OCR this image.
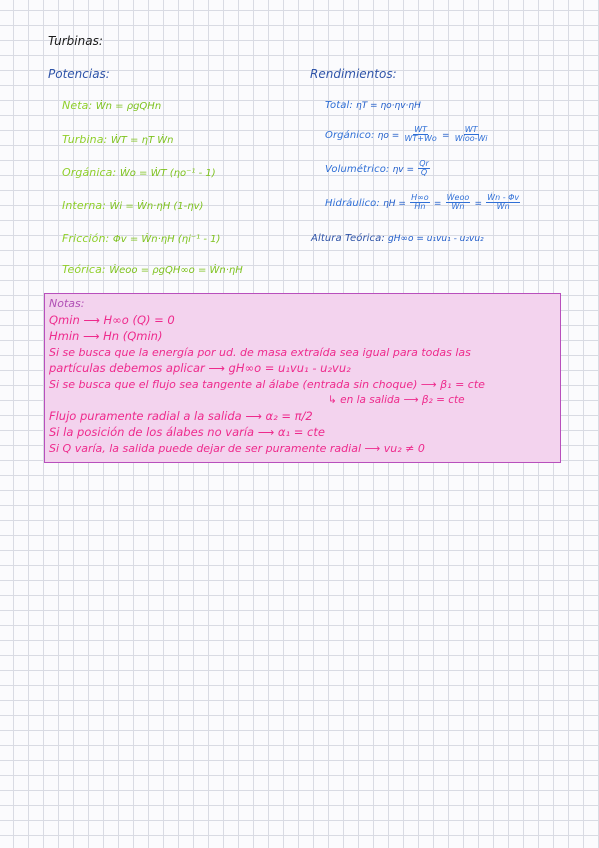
Turbinas:
Potencias:
Neta: Ẇn = ρgQHn
Turbina: ẆT = ηT Ẇn
Orgánica: Ẇo = ẆT (ηo⁻¹ - 1)
Interna: Ẇi = Ẇn·ηH (1-ηv)
Fricción: Φv = Ẇn·ηH (ηi⁻¹ - 1)
Teórica: Ẇeoo = ρgQH∞o = Ẇn·ηH
Rendimientos:
Total: ηT = ηo·ηv·ηH
Orgánico: $\eta o = \frac{WT}{WT+Wo} = \frac{WT}{\text{Wioo-Wi}}$
Volumétrico: $\eta v = \frac{Qr}{Q}$
Hidráulico: $\eta H = \frac{H\infty o}{Hn} = \frac{\text{Ẇeoo}}{Wn} = \frac{\text{Ẇn - Φv}}{Wn}$
Altura Teórica: gH∞o = u₁vu₁ - u₂vu₂
Notas:
Qmin ⟶ H∞o (Q) = 0
Hmin ⟶ Hn (Qmin)
Si se busca que la energía por ud. de masa extraída sea igual para todas las
partículas debemos aplicar ⟶ gH∞o = u₁vu₁ - u₂vu₂
Si se busca que el flujo sea tangente al álabe (entrada sin choque) ⟶ β₁ = cte
↳ en la salida ⟶ β₂ = cte
Flujo puramente radial a la salida ⟶ α₂ = π/2
Si la posición de los álabes no varía ⟶ α₁ = cte
Si Q varía, la salida puede dejar de ser puramente radial ⟶ vu₂ ≠ 0
